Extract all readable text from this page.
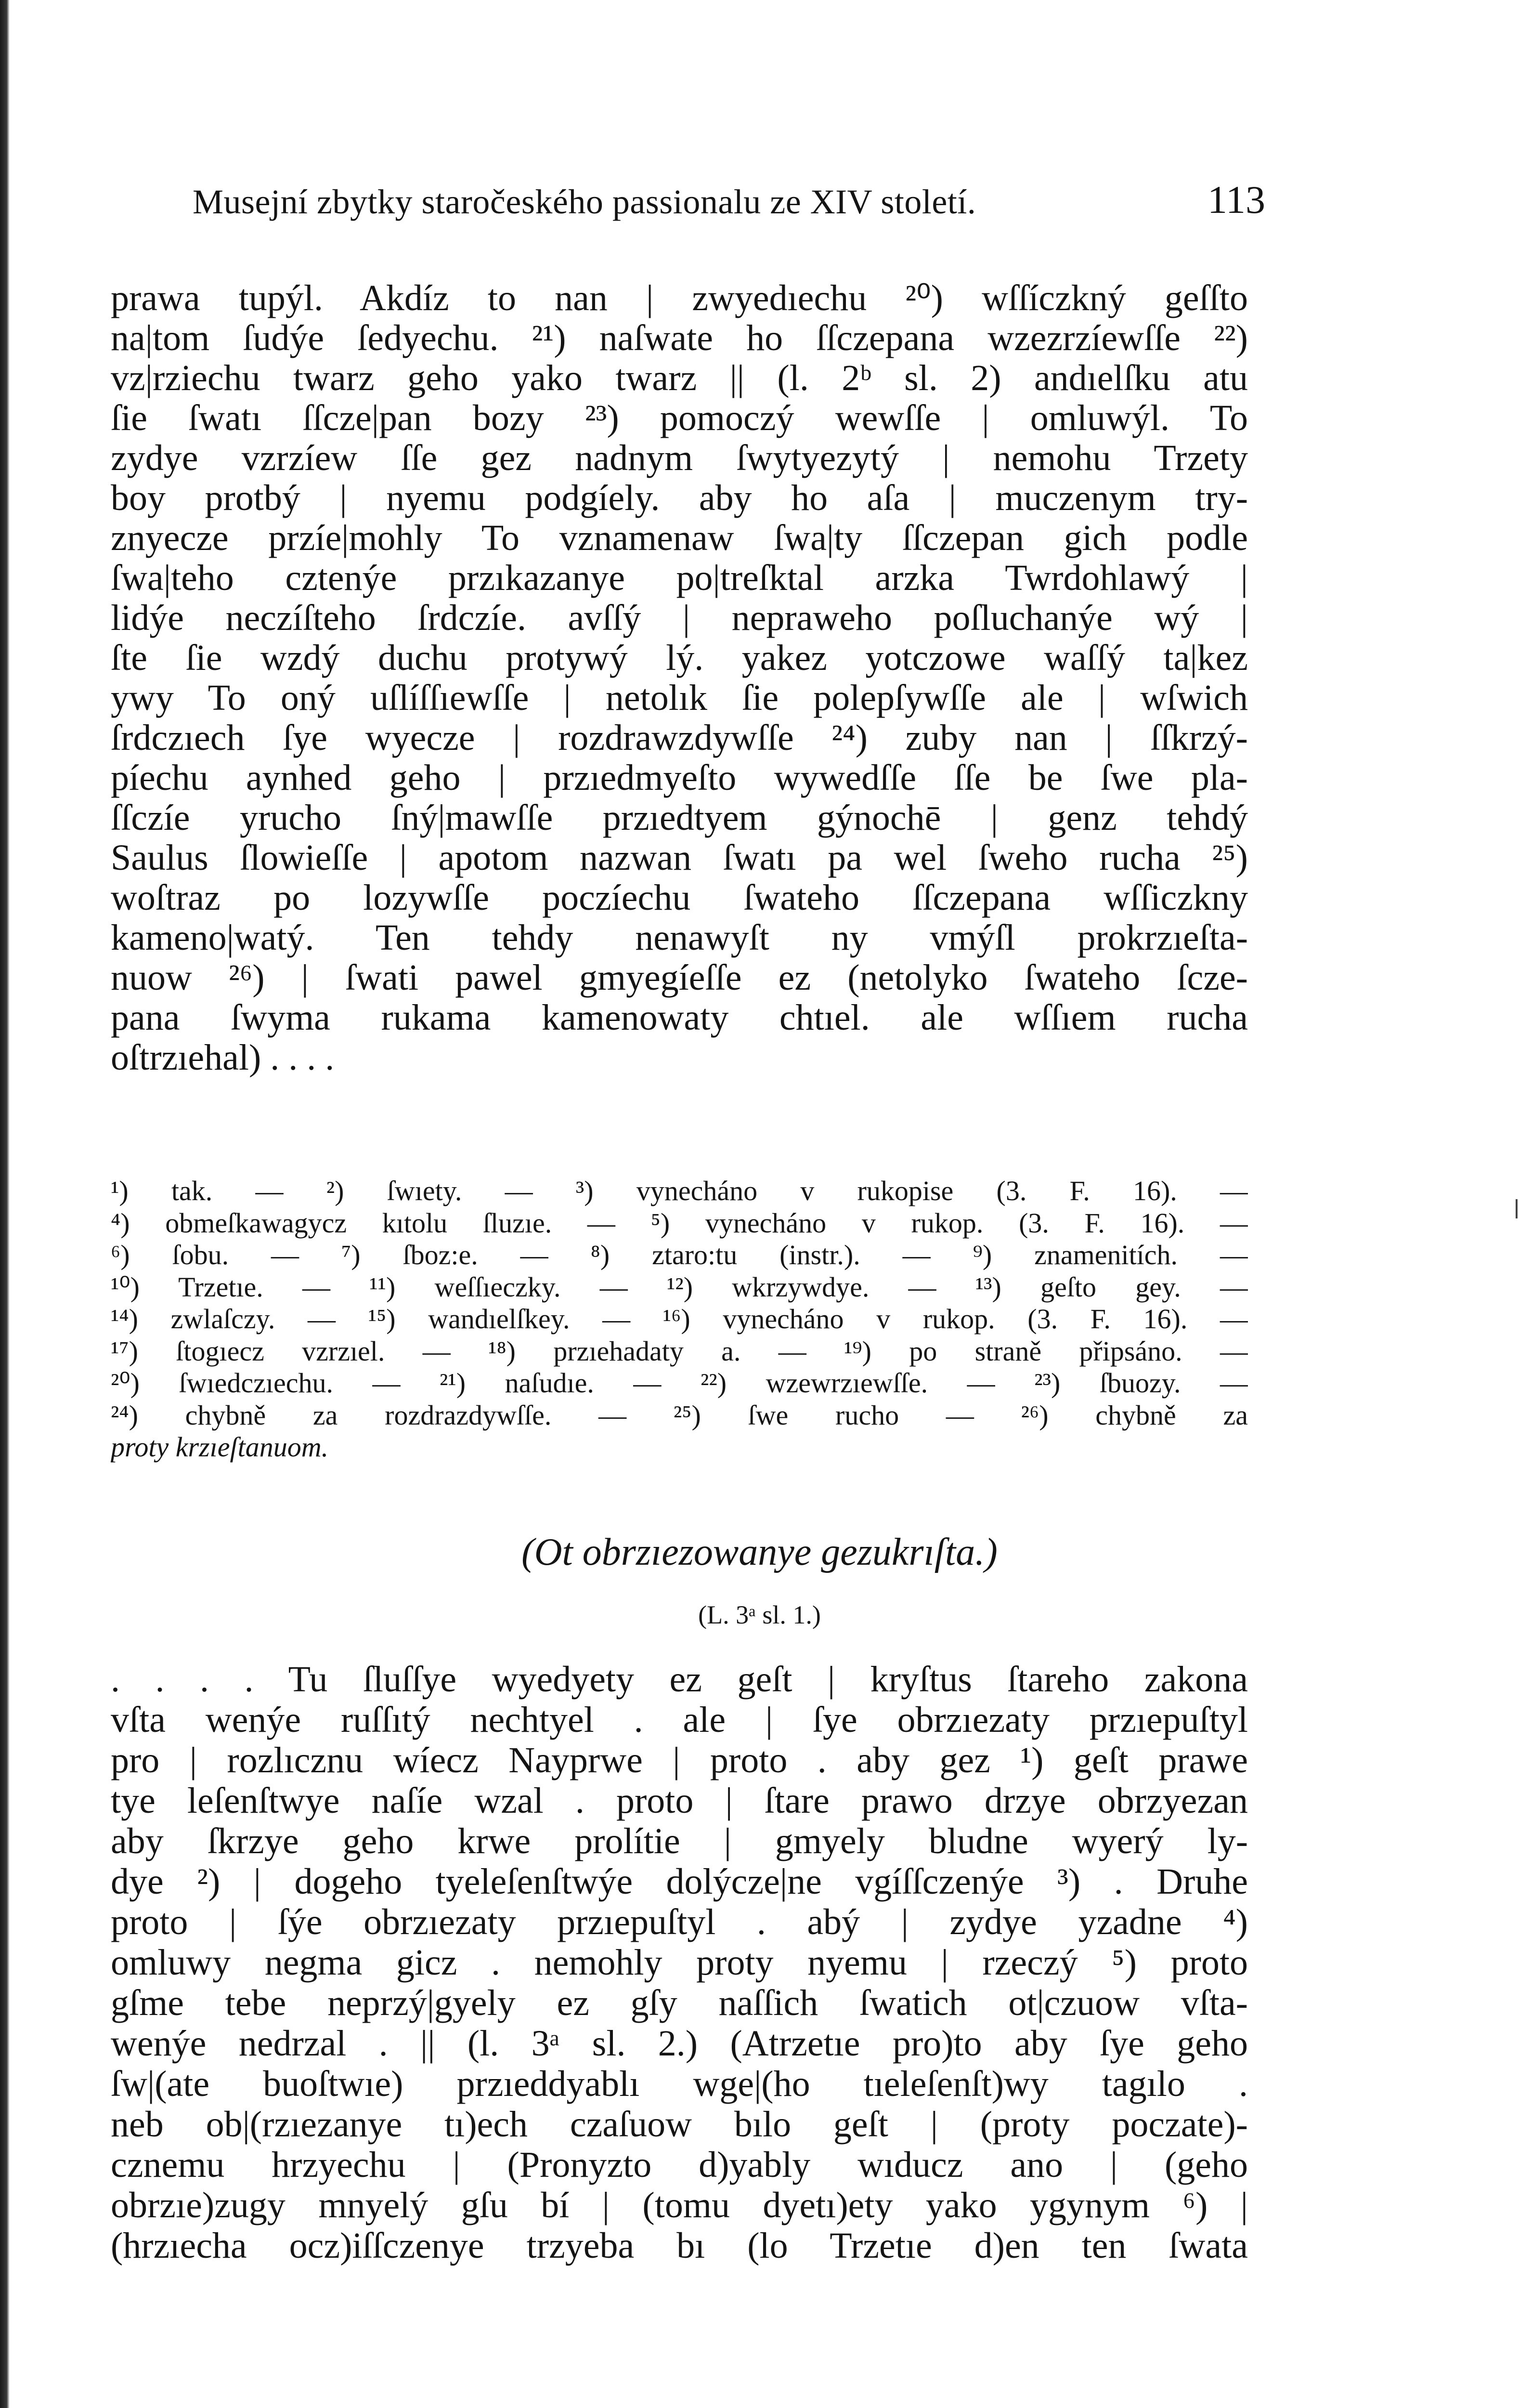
Musejní zbytky staročeského passionalu ze XIV století.	113
prawa tupýl. Akdíz to nan | zwyedıechu ²⁰) wſſíczkný geſſto
na|tom ſudýe ſedyechu. ²¹) naſwate ho ſſczepana wzezrzíewſſe ²²)
vz|rziechu twarz geho yako twarz || (l. 2ᵇ sl. 2) andıelſku atu
ſie ſwatı ſſcze|pan bozy ²³) pomoczý wewſſe | omluwýl. To
zydye vzrzíew ſſe gez nadnym ſwytyezytý | nemohu Trzety
boy protbý | nyemu podgíely. aby ho aſa | muczenym try-
znyecze przíe|mohly To vznamenaw ſwa|ty ſſczepan gich podle
ſwa|teho cztenýe przıkazanye po|treſktal arzka Twrdohlawý |
lidýe neczíſteho ſrdczíe. avſſý | nepraweho poſluchanýe wý |
ſte ſie wzdý duchu protywý lý. yakez yotczowe waſſý ta|kez
ywy To oný uſlíſſıewſſe | netolık ſie polepſywſſe ale | wſwich
ſrdczıech ſye wyecze | rozdrawzdywſſe ²⁴) zuby nan | ſſkrzý-
píechu aynhed geho | przıedmyeſto wywedſſe ſſe be ſwe pla-
ſſczíe yrucho ſný|mawſſe przıedtyem gýnochē | genz tehdý
Saulus ſlowieſſe | apotom nazwan ſwatı pa wel ſweho rucha ²⁵)
woſtraz po lozywſſe poczíechu ſwateho ſſczepana wſſiczkny
kameno|watý. Ten tehdy nenawyſt ny vmýſl prokrzıeſta-
nuow ²⁶) | ſwati pawel gmyegíeſſe ez (netolyko ſwateho ſcze-
pana ſwyma rukama kamenowaty chtıel. ale wſſıem rucha
oſtrzıehal) . . . .
¹) tak. — ²) ſwıety. — ³) vynecháno v rukopise (3. F. 16). —
⁴) obmeſkawagycz kıtolu ſluzıe. — ⁵) vynecháno v rukop. (3. F. 16). —
⁶) ſobu. — ⁷) ſboz:e. — ⁸) ztaro:tu (instr.). — ⁹) znamenitích. —
¹⁰) Trzetıe. — ¹¹) weſſıeczky. — ¹²) wkrzywdye. — ¹³) geſto gey. —
¹⁴) zwlaſczy. — ¹⁵) wandıelſkey. — ¹⁶) vynecháno v rukop. (3. F. 16). —
¹⁷) ſtogıecz vzrzıel. — ¹⁸) przıehadaty a. — ¹⁹) po straně připsáno. —
²⁰) ſwıedczıechu. — ²¹) naſudıe. — ²²) wzewrzıewſſe. — ²³) ſbuozy. —
²⁴) chybně za rozdrazdywſſe. — ²⁵) ſwe rucho — ²⁶) chybně za
proty krzıeſtanuom.
(Ot obrzıezowanye gezukrıſta.)
(L. 3ᵃ sl. 1.)
. . . . Tu ſluſſye wyedyety ez geſt | kryſtus ſtareho zakona
vſta wenýe ruſſıtý nechtyel . ale | ſye obrzıezaty przıepuſtyl
pro | rozlıcznu wíecz Nayprwe | proto . aby gez ¹) geſt prawe
tye leſenſtwye naſíe wzal . proto | ſtare prawo drzye obrzyezan
aby ſkrzye geho krwe prolítie | gmyely bludne wyerý ly-
dye ²) | dogeho tyeleſenſtwýe dolýcze|ne vgíſſczenýe ³) . Druhe
proto | ſýe obrzıezaty przıepuſtyl . abý | zydye yzadne ⁴)
omluwy negma gicz . nemohly proty nyemu | rzeczý ⁵) proto
gſme tebe neprzý|gyely ez gſy naſſich ſwatich ot|czuow vſta-
wenýe nedrzal . || (l. 3ᵃ sl. 2.) (Atrzetıe pro)to aby ſye geho
ſw|(ate buoſtwıe) przıeddyablı wge|(ho tıeleſenſt)wy tagılo .
neb ob|(rzıezanye tı)ech czaſuow bılo geſt | (proty poczate)-
cznemu hrzyechu | (Pronyzto d)yably wıducz ano | (geho
obrzıe)zugy mnyelý gſu bí | (tomu dyetı)ety yako ygynym ⁶) |
(hrzıecha ocz)iſſczenye trzyeba bı (lo Trzetıe d)en ten ſwata
